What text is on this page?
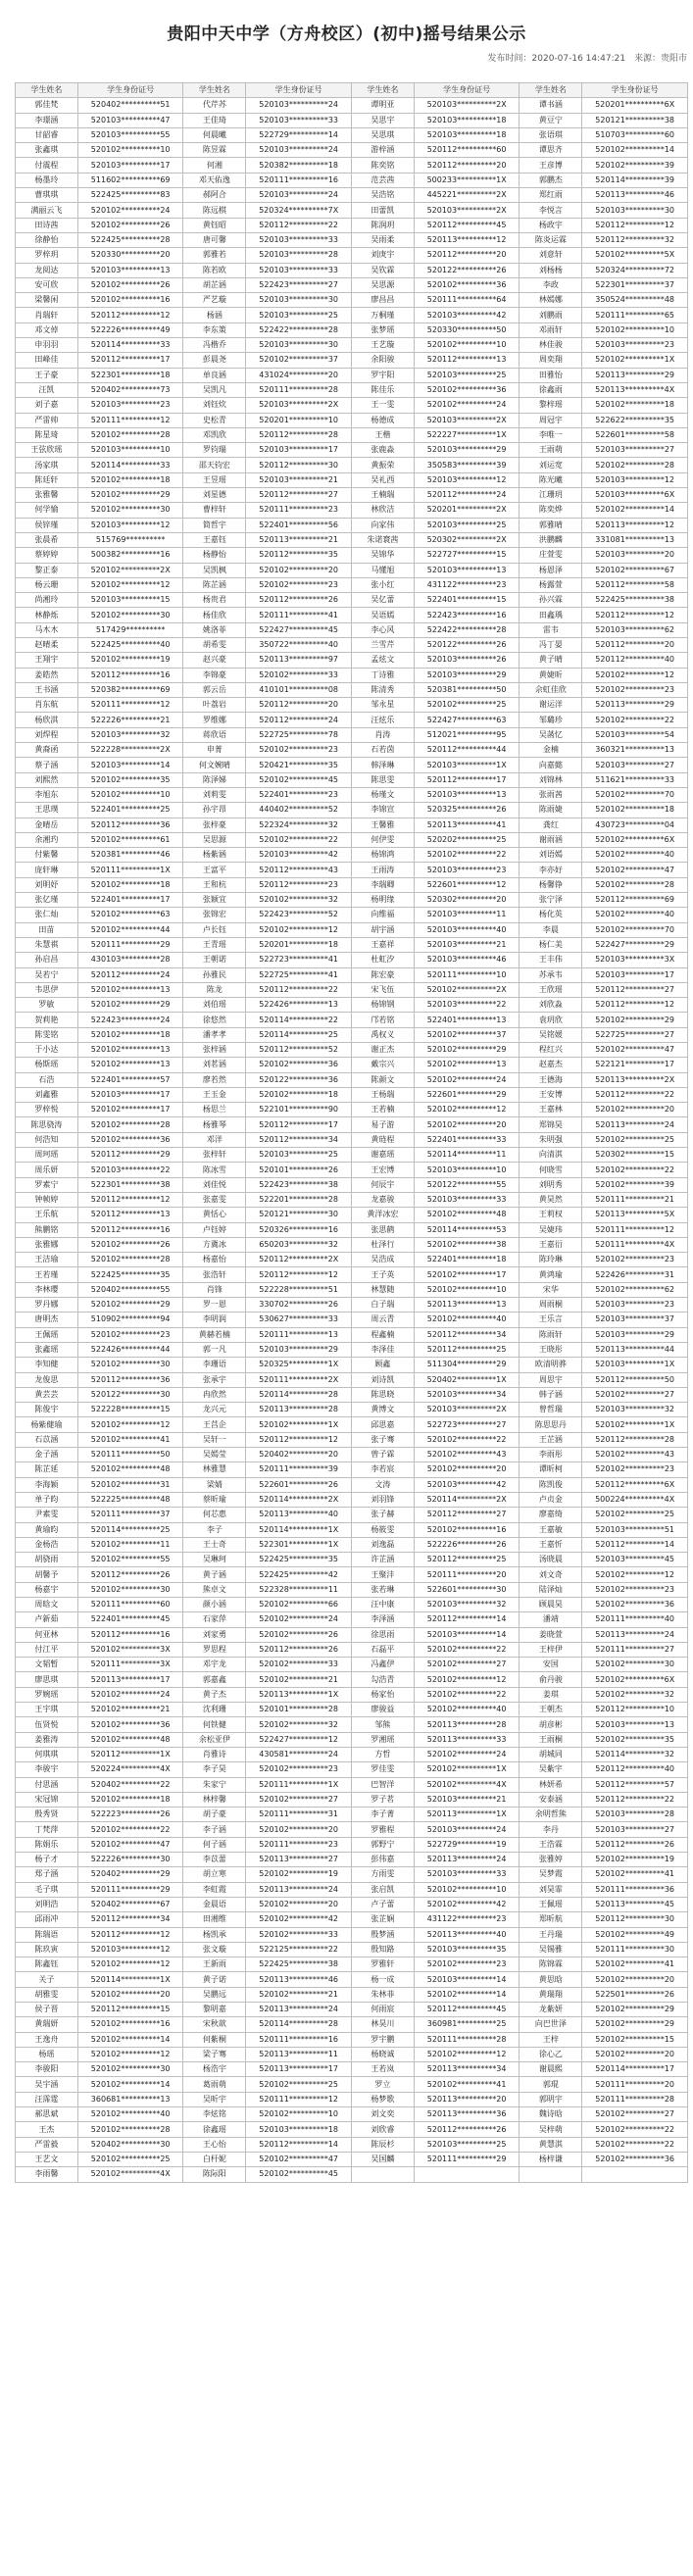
贵阳中天中学（方舟校区）(初中)摇号结果公示
发布时间：2020-07-16 14:47:21 来源：贵阳市
学生姓名	学生身份证号	学生姓名	学生身份证号	学生姓名	学生身份证号	学生姓名	学生身份证号
郭佳梵	520402**********51	代芹苏	520103**********24	谭明亚	520103**********2X	谭书涵	520201**********6X
李璟涵	520103**********47	王佳琦	520103**********33	吴思宇	520103**********18	黄豆宁	520121**********38
甘韶睿	520103**********55	何晨曦	522729**********14	吴思琪	520103**********18	张语琪	510703**********60
张鑫琪	520102**********10	陈昱霖	520103**********24	游梓涵	520112**********60	谭思齐	520102**********14
付震程	520103**********17	何湘	520382**********18	陈奕铭	520112**********20	王彦博	520102**********39
杨墨玲	511602**********69	邓天佑逸	520111**********16	范芸茜	500233**********1X	郭鹏杰	520114**********39
曹琪琪	522425**********83	郝阿合	520103**********24	吴浩铭	445221**********2X	郑红雨	520113**********46
满丽云飞	520102**********24	陈远棋	520324**********7X	田蕾凯	520103**********2X	李悦言	520103**********30
田诗茜	520102**********26	黄钰昭	520112**********22	陈润玥	520112**********45	杨政宇	520112**********12
徐静怡	522425**********28	唐可馨	520103**********33	吴雨柔	520113**********12	陈炎运霖	520112**********32
罗梓玥	520330**********20	郭雅若	520103**********28	刘庚宇	520112**********20	刘意轩	520102**********5X
龙阅达	520103**********13	陈若欧	520103**********33	吴钦霖	520122**********26	刘杨杨	520324**********72
安可欣	520102**********26	胡芷涵	522423**********27	吴思源	520102**********36	李政	522301**********37
梁馨闲	520102**********16	严艺璇	520103**********30	廖昌昌	520111**********64	林嫣娜	350524**********48
肖瑞轩	520112**********12	杨涵	520103**********25	万桐瑾	520103**********42	刘鹏雨	520111**********65
邓文倬	522226**********49	李东策	522422**********28	张梦瑶	520330**********50	邓雨轩	520102**********10
申羽羽	520114**********33	冯楷乔	520103**********30	王艺璇	520102**********10	林佳骏	520103**********23
田峰佳	520112**********17	彭晨尧	520102**********37	余阳骏	520112**********13	周奕翔	520102**********1X
王子豪	522301**********18	单良涵	431024**********20	罗宇阳	520103**********25	田雅怡	520113**********29
汪凯	520402**********73	吴凯凡	520111**********28	陈佳乐	520102**********36	徐鑫雨	520113**********4X
刘子嘉	520103**********23	刘钰炊	520103**********2X	王一雯	520102**********24	黎梓瑶	520102**********18
严雷帅	520111**********12	史松青	520201**********10	杨德成	520103**********2X	周冠宇	522622**********35
陈星琦	520102**********28	邓凯欣	520112**********28	王楷	522227**********1X	李唯一	522601**********58
王弦欣瑶	520103**********10	罗钧瑞	520103**********17	张鹿淼	520103**********29	王雨萌	520103**********27
汤家琪	520114**********33	邵天钧宏	520112**********30	黄振荣	350583**********39	刘运宽	520102**********28
陈廷轩	520102**********18	王昱瑶	520103**********21	吴礼西	520103**********12	陈光曦	520103**********12
张雅馨	520102**********29	刘星德	520112**********27	王楠瑞	520112**********24	江珊玥	520103**********6X
何学愉	520102**********30	曹梓轩	520111**********23	林欣洁	520201**********2X	陈奕烨	520102**********14
侯锌瑾	520103**********12	简哲宇	522401**********56	向家伟	520103**********25	郭雅晴	520113**********12
张晨希	515769**********	王嘉钰	520113**********21	朱诺寰茜	520302**********2X	洪鹏麟	331081**********13
蔡婷婷	500382**********16	杨静怡	520112**********35	吴锦华	522727**********15	庄萱雯	520103**********20
黎正泰	520102**********2X	吴凯枫	520102**********20	马懂旭	520103**********13	杨恩泽	520102**********67
杨云珊	520102**********12	陈芷涵	520102**********23	张小红	431122**********23	杨露萱	520112**********58
尚湘玲	520103**********15	杨贵君	520112**********26	吴亿蕾	522401**********15	孙兴霖	522425**********38
林静烁	520102**********30	杨佳欣	520111**********41	吴语嫣	522423**********16	田鑫瑀	520112**********12
马木木	517429**********	姚洛菲	522427**********45	李心风	522422**********28	雷韦	520103**********62
赵晴柔	522425**********40	胡希雯	350722**********40	兰雪芹	520122**********26	冯丁晏	520112**********20
王翔宇	520102**********19	赵兴豪	520113**********97	孟炫文	520103**********26	黄子晴	520112**********40
姜皓然	520112**********16	李锦豪	520102**********33	丁诗雅	520103**********29	黄婕昕	520102**********12
王书涵	520382**********69	郭云岳	410101**********08	陈清秀	520381**********50	佘虹佳欣	520102**********23
肖东航	520111**********12	叶荔岩	520112**********20	邹永星	520102**********25	谢运洋	520113**********29
杨欣淇	522226**********21	罗维娜	520112**********24	汪炫乐	522427**********63	邹璐珍	520102**********22
刘焊程	520103**********32	蒋欣语	522725**********78	肖涛	512021**********95	吴菡忆	520103**********54
黄裔函	522228**********2X	申菁	520102**********23	石若茵	520112**********44	金楠	360321**********13
蔡子涵	520103**********14	何文婉晴	520421**********35	韩泽琳	520103**********1X	向嘉懿	520103**********27
刘熙然	520102**********35	陈泽娣	520102**********45	陈思雯	520112**********17	刘锦林	511621**********33
李旭东	520102**********10	刘莉雯	522401**********23	杨瑾文	520103**********13	张雨茜	520102**********70
王思璞	522401**********25	孙宇昂	440402**********52	李锦宣	520325**********26	陈雨婕	520102**********18
金晴岳	520112**********36	张梓豪	522324**********32	王馨雅	520113**********41	龚红	430723**********04
余湘玓	520102**********61	吴思源	520102**********22	何伊雯	520202**********25	谢雨涵	520102**********6X
付紫馨	520381**********46	杨紫涵	520103**********42	杨锦鸿	520102**********22	刘语嫣	520102**********40
庞轩琳	520111**********1X	王富平	520112**********43	王雨涛	520103**********23	李亦好	520102**********47
刘明妤	520102**********18	王和杭	520112**********23	李瑞卿	522601**********12	杨馨铮	520102**********28
张亿瑾	522401**********17	张颖宜	520102**********32	杨明缘	520302**********20	张宁泽	520112**********69
张仁灿	520102**********63	张锦宏	522423**********52	向维福	520103**********11	杨化英	520102**********40
田苗	520102**********44	卢长钰	520102**********12	胡宇涵	520103**********40	李晨	520102**********70
朱慧祺	520111**********29	王青瑶	520201**********18	王嘉祥	520103**********21	杨仁美	522427**********29
孙启昌	430103**********28	王朝诺	522723**********41	杜虹汐	520103**********46	王丰伟	520103**********3X
吴若宁	520112**********24	孙雅民	522725**********41	陈宏豪	520111**********10	苏承韦	520103**********17
韦思伊	520102**********13	陈龙	520112**********22	宋飞伍	520102**********2X	王欣瑶	520112**********27
罗敏	520102**********29	刘伯瑶	522426**********13	杨锦钢	520103**********22	刘欣淼	520112**********12
贺莉艳	522423**********24	徐悠然	520114**********22	邝若铭	522401**********13	袁玥欣	520102**********29
陈雯铭	520102**********18	潘孝孝	520114**********25	禹权义	520102**********37	吴铭媛	522725**********27
于小达	520102**********13	张梓涵	520112**********52	谢正杰	520102**********29	程红兴	520102**********47
杨斯瑶	520102**********13	刘茗涵	520102**********36	戴宗兴	520102**********13	赵嘉杰	522121**********17
石浩	522401**********57	廖若然	520122**********36	陈颜文	520102**********24	王德海	520113**********2X
刘鑫雅	520103**********17	王玉金	520102**********18	王杨瑞	522601**********29	王安博	520112**********22
罗梓悦	520102**********17	杨思兰	522101**********90	王若楠	520102**********12	王嘉林	520102**********20
陈思骁涛	520102**********28	杨雅琴	520112**********17	易子游	520102**********20	郑锦昊	520113**********24
何浩知	520102**********36	邓洋	520112**********34	黄琏程	522401**********33	朱明强	520102**********25
周珂瑶	520112**********29	张梓轩	520103**********25	谢嘉瑶	520114**********11	向清淇	520302**********15
周乐妍	520103**********22	陈冰雪	520101**********26	王宏博	520103**********10	何晓雪	520102**********22
罗素宁	522301**********38	刘佳悦	522423**********38	何辰宇	520122**********55	刘明秀	520102**********39
钟帧婷	520112**********12	张嘉雯	522201**********28	龙嘉骏	520103**********33	黄昊然	520111**********21
王乐航	520112**********13	黄恬心	520121**********30	黄洋冰宏	520102**********48	王莉权	520113**********5X
熊鹏铭	520112**********16	卢钰婷	520326**********16	张思鹤	520114**********53	吴婕玮	520111**********12
张雅娜	520102**********26	方冀冰	650203**********32	杜泽行	520102**********38	王嘉衍	520111**********4X
王洁瑜	520102**********28	杨嘉怡	520112**********2X	吴浩成	522401**********18	陈玲琳	520102**********23
王若瑾	522425**********35	张浩轩	520112**********12	王子英	520102**********17	黄鸿瑜	522426**********31
李林璎	520402**********55	肖锋	522228**********51	林慧随	520102**********10	宋华	520102**********62
罗丹娜	520102**********29	罗一恩	330702**********26	白子瑞	520113**********13	周雨桐	520103**********23
唐明杰	510902**********94	李明润	530627**********33	周云青	520102**********40	王乐言	520103**********37
王佩瑶	520102**********23	黄赫若楠	520111**********13	程鑫楠	520112**********34	陈雨轩	520103**********29
张鑫瑶	522426**********44	郭一凡	520103**********29	李泽佳	520112**********25	王晓彤	520113**********44
李知健	520102**********30	李珊语	520325**********1X	顾鑫	511304**********29	欧清明骅	520103**********1X
龙俊思	520112**********36	张承宇	520111**********2X	刘诗凯	520402**********1X	周思宇	520112**********50
黄芸芸	520122**********30	冉欣然	520114**********28	陈思晓	520103**********34	韩子涵	520102**********27
陈俊宇	522228**********15	龙兴元	520113**********28	黄博文	520103**********2X	曾哲瑞	520103**********32
杨紫健瑜	520102**********12	王莒企	520102**********1X	邱思嘉	522723**********27	陈思思丹	520102**********1X
石苡涵	520102**********41	吴轩一	520112**********12	张子骞	520102**********22	王芷涵	520112**********28
金子涵	520111**********50	吴嫣莹	520402**********20	曾子霖	520102**********43	李雨彤	520102**********43
陈芷延	520102**********48	林雅慧	520111**********39	李若宸	520102**********20	谭昕柯	520102**********23
李海颖	520102**********31	梁婧	522601**********26	文涛	520103**********42	陈凯俊	520112**********6X
单子昀	522225**********48	蔡昕瑜	520114**********2X	刘羽锋	520114**********2X	卢贞金	500224**********4X
尹素雯	520111**********37	何芯惠	520113**********40	张子赫	520112**********27	廖嘉绮	520102**********25
黄瑜昀	520114**********25	李子	520114**********1X	杨筱雯	520102**********16	王嘉敏	520103**********51
金杨浩	520102**********11	王士奇	522301**********1X	刘逸磊	522226**********26	王嘉忻	520112**********14
胡骁雨	520102**********55	吴琳珂	522425**********35	许芷涵	520112**********25	汤晓晨	520103**********45
胡馨予	520112**********26	黄子涵	522425**********42	王聚沣	520111**********20	刘文奇	520102**********12
杨嘉宇	520102**********30	熊卓文	522328**********11	张若琳	522601**********30	陆泽灿	520102**********23
周晗文	520111**********60	颜小涵	520102**********66	汪中康	520103**********32	顾晨昊	520102**********36
卢新茹	522401**********45	石家萍	520102**********24	李泽涵	520112**********14	潘靖	520111**********40
何亚林	520112**********16	刘家勇	520102**********26	徐思雨	520103**********14	姜晓萱	520113**********24
付江平	520102**********3X	罗思程	520112**********26	石磊平	520102**********22	王梓伊	520111**********27
文韬暂	520111**********3X	邓宇龙	520102**********33	冯鑫伊	520102**********27	安国	520102**********30
廖思琪	520113**********17	郭嘉鑫	520102**********21	勾浩青	520102**********12	俞丹骏	520102**********6X
罗婉瑶	520102**********24	黄子杰	520113**********1X	杨家怡	520102**********22	姜琪	520102**********32
王宇琪	520102**********21	沈利珊	520101**********28	廖骏益	520102**********40	王朝杰	520112**********10
伍贤悦	520102**********36	何铁健	520102**********32	邹熊	520113**********28	胡彦彬	520103**********13
姜雅涛	520102**********48	余松亚伊	522427**********12	罗湘瑶	520113**********33	王雨桐	520102**********35
何琪琪	520112**********1X	肖雅诗	430581**********24	方哲	520102**********24	胡城同	520114**********32
李骏宇	520224**********4X	李子昊	520102**********23	罗佳雯	520102**********1X	吴紫宇	520112**********40
付思涵	520402**********22	朱家宁	520111**********1X	巴智洋	520102**********4X	林妍希	520112**********57
宋冠锦	520102**********18	林梓馨	520102**********27	罗子茗	520103**********21	安泰涵	520112**********22
殷秀贤	522223**********26	胡子豪	520111**********31	李子菁	520113**********1X	余明哲熊	520103**********28
丁梵萍	520102**********22	李子涵	520102**********20	罗雅程	520103**********24	李丹	520103**********27
陈娟乐	520102**********47	何子涵	520111**********23	郭野宁	522729**********19	王浩霖	520112**********26
杨子才	522226**********30	李苡蕾	520113**********27	彭伟嘉	520113**********24	张雅婷	520102**********19
郑子涵	520402**********29	胡立寒	520102**********19	方雨雯	520103**********33	吴梦霞	520102**********41
毛子琪	520111**********29	李虹霞	520113**********24	张启凯	520102**********10	刘昊霏	520111**********36
刘明浩	520402**********67	金晨语	520102**********20	卢子蕾	520102**********42	王佩瑶	520113**********45
邱雨冲	520112**********34	田湘维	520102**********42	张芷娴	431122**********23	郑昕航	520112**********30
陈瑞语	520112**********12	杨凯承	520102**********33	殷梦涵	520113**********40	王丹瑞	520102**********49
陈玖寅	520103**********12	张文璇	522125**********22	殷知路	520103**********35	吴锡雅	520111**********30
陈鑫钰	520102**********12	王新雨	522425**********38	罗雅轩	520102**********23	陈锦霖	520102**********41
关子	520114**********1X	黄子诺	520113**********46	杨一成	520103**********14	黄思晗	520102**********20
胡雅雯	520102**********20	吴鹏远	520102**********21	朱林菲	520102**********14	黄瑞翔	522501**********26
侯子晋	520112**********15	黎明嘉	520113**********24	何雨宸	520112**********45	龙紫妍	520102**********29
黄瑞妍	520102**********16	宋秋歆	520114**********28	林昊川	360981**********25	向巴世泽	520102**********29
王逸舟	520102**********14	何紫桐	520111**********16	罗宇鹏	520111**********28	王梓	520102**********15
杨瑶	520102**********12	梁子骞	520113**********11	杨晓诚	520102**********12	徐心乙	520102**********20
李骏阳	520102**********30	杨浩宇	520113**********17	王若岚	520113**********34	谢晨熙	520114**********17
吴宇涵	520102**********14	葛雨萌	520102**********25	罗立	520102**********41	郭琨	520111**********20
汪霈霆	360681**********13	吴昕宇	520111**********12	杨梦歌	520113**********20	郭明宇	520111**********28
郝思斌	520102**********40	李炫铭	520102**********10	刘文奕	520113**********36	魏诗晗	520102**********27
王杰	520102**********28	徐鑫瑶	520103**********18	刘欣睿	520112**********26	吴梓萌	520102**********22
严雷毅	520402**********30	王心怡	520112**********14	陈辰杉	520103**********25	黄慧淇	520102**********22
王艺文	520102**********25	白杆妮	520102**********47	吴国麟	520111**********29	杨梓谦	520102**********36
李雨馨	520102**********4X	陈际阳	520102**********45				
